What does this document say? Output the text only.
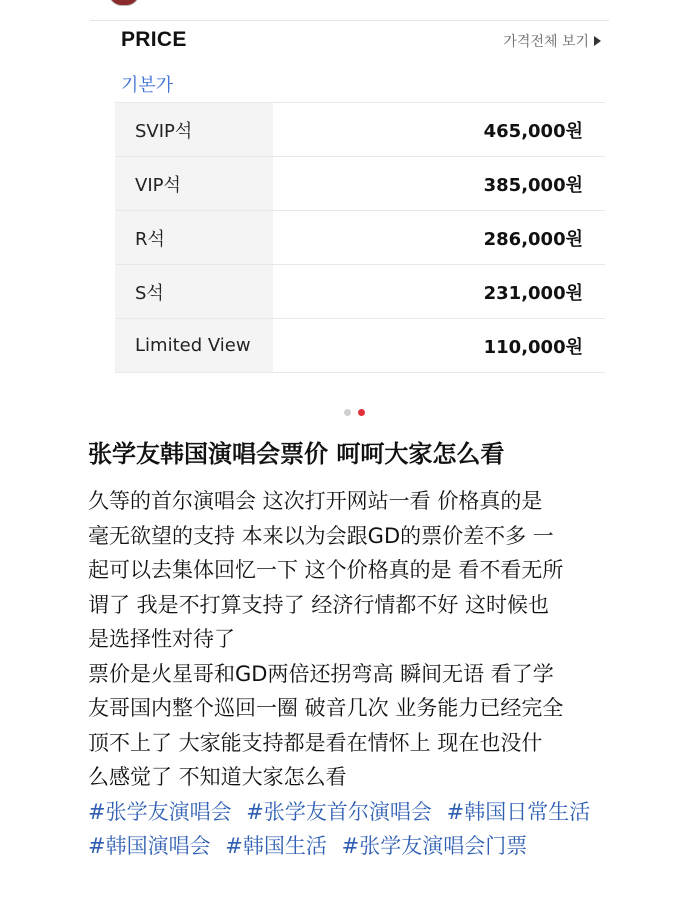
PRICE	가격전체 보기
기본가
SVIP석	465,000원
VIP석	385,000원
R석	286,000원
S석	231,000원
Limited View	110,000원
张学友韩国演唱会票价 呵呵大家怎么看
久等的首尔演唱会 这次打开网站一看 价格真的是
毫无欲望的支持 本来以为会跟GD的票价差不多 一
起可以去集体回忆一下 这个价格真的是 看不看无所
谓了 我是不打算支持了 经济行情都不好 这时候也
是选择性对待了
票价是火星哥和GD两倍还拐弯高 瞬间无语 看了学
友哥国内整个巡回一圈 破音几次 业务能力已经完全
顶不上了 大家能支持都是看在情怀上 现在也没什
么感觉了 不知道大家怎么看
#张学友演唱会 #张学友首尔演唱会 #韩国日常生活
#韩国演唱会 #韩国生活 #张学友演唱会门票
